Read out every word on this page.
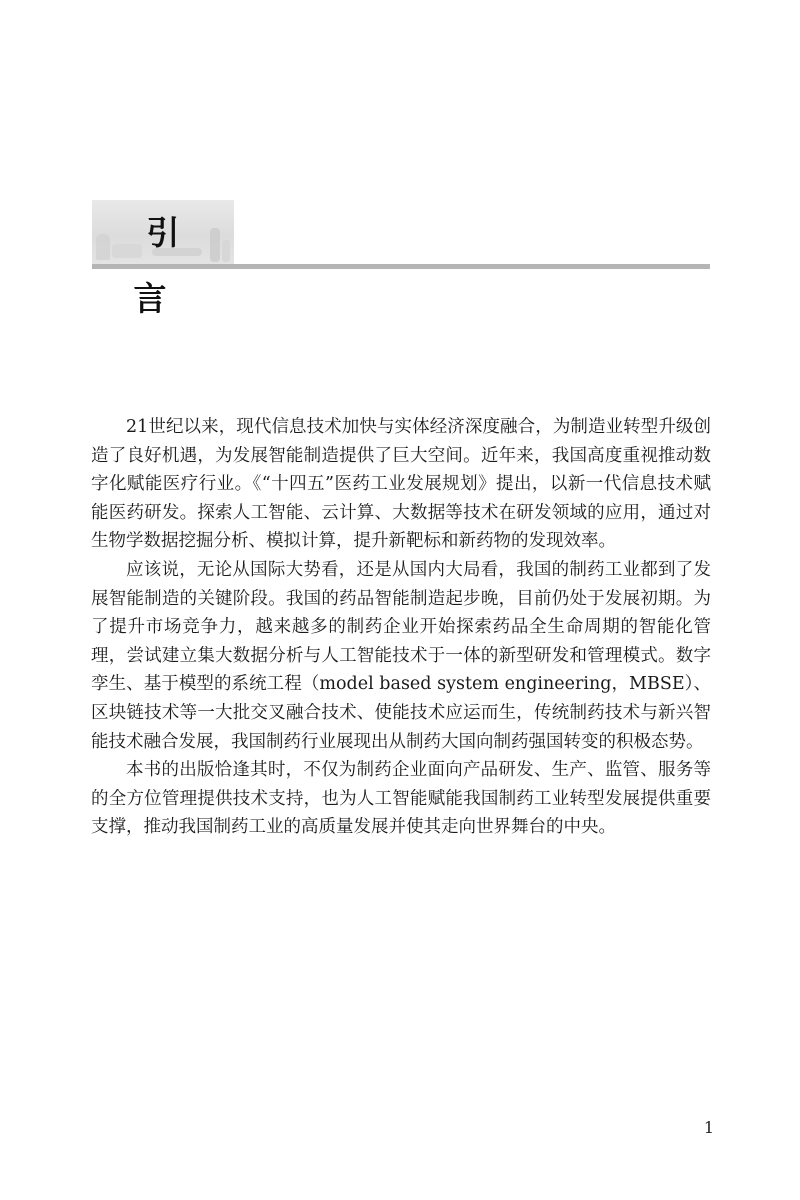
引言

21世纪以来，现代信息技术加快与实体经济深度融合，为制造业转型升级创造了良好机遇，为发展智能制造提供了巨大空间。近年来，我国高度重视推动数字化赋能医疗行业。《“十四五”医药工业发展规划》提出，以新一代信息技术赋能医药研发。探索人工智能、云计算、大数据等技术在研发领域的应用，通过对生物学数据挖掘分析、模拟计算，提升新靶标和新药物的发现效率。

应该说，无论从国际大势看，还是从国内大局看，我国的制药工业都到了发展智能制造的关键阶段。我国的药品智能制造起步晚，目前仍处于发展初期。为了提升市场竞争力，越来越多的制药企业开始探索药品全生命周期的智能化管理，尝试建立集大数据分析与人工智能技术于一体的新型研发和管理模式。数字孪生、基于模型的系统工程（model based system engineering，MBSE）、区块链技术等一大批交叉融合技术、使能技术应运而生，传统制药技术与新兴智能技术融合发展，我国制药行业展现出从制药大国向制药强国转变的积极态势。

本书的出版恰逢其时，不仅为制药企业面向产品研发、生产、监管、服务等的全方位管理提供技术支持，也为人工智能赋能我国制药工业转型发展提供重要支撑，推动我国制药工业的高质量发展并使其走向世界舞台的中央。

1
